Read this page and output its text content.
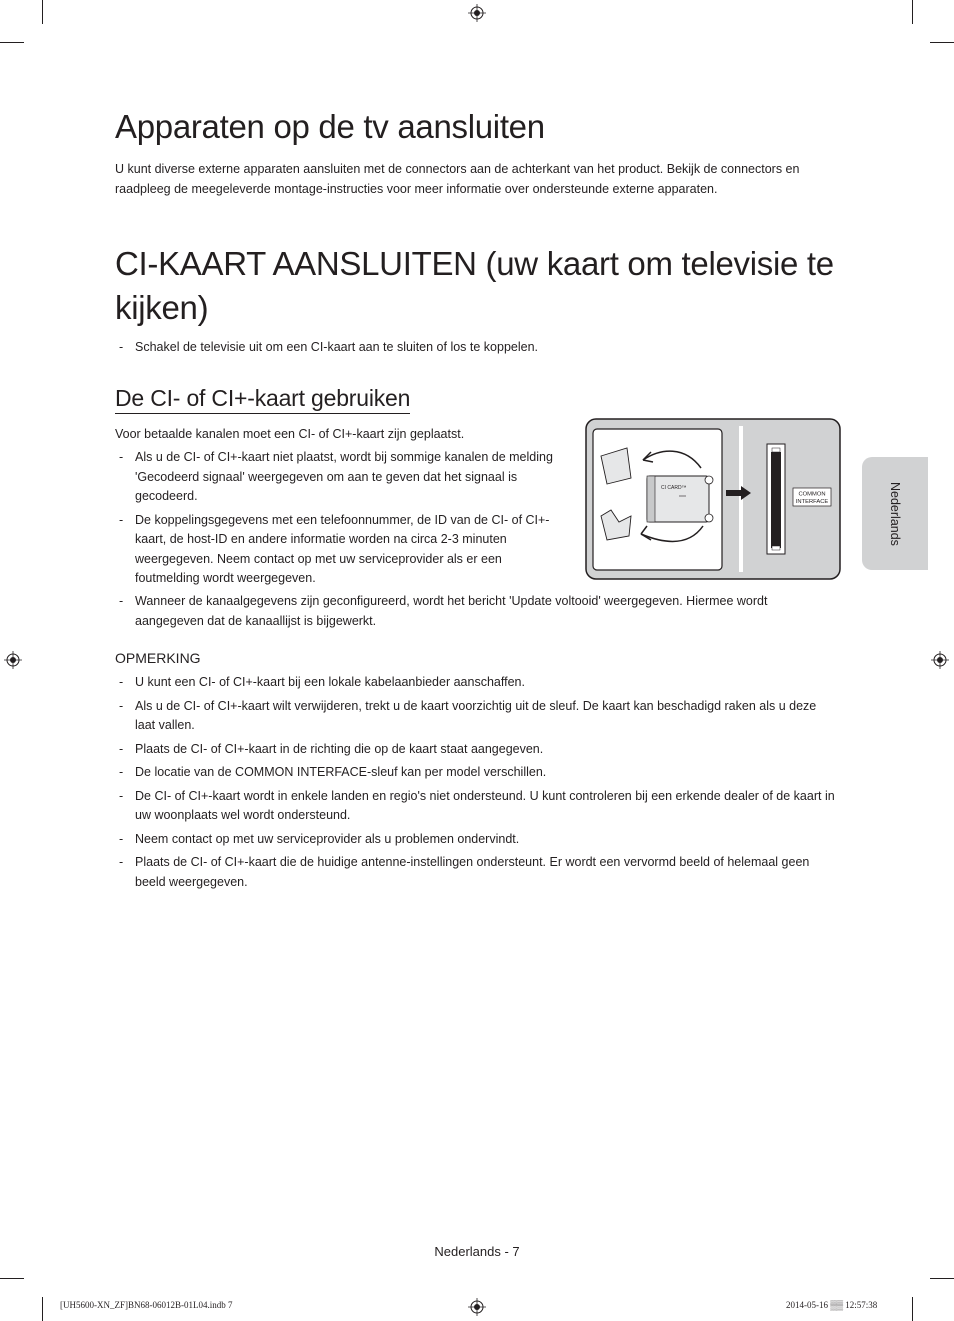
Apparaten op de tv aansluiten

U kunt diverse externe apparaten aansluiten met de connectors aan de achterkant van het product. Bekijk de connectors en raadpleeg de meegeleverde montage-instructies voor meer informatie over ondersteunde externe apparaten.

CI-KAART AANSLUITEN (uw kaart om televisie te kijken)
- Schakel de televisie uit om een CI-kaart aan te sluiten of los te koppelen.
De CI- of CI+-kaart gebruiken

Voor betaalde kanalen moet een CI- of CI+-kaart zijn geplaatst.

- Als u de CI- of CI+-kaart niet plaatst, wordt bij sommige kanalen de melding 'Gecodeerd signaal' weergegeven om aan te geven dat het signaal is gecodeerd.
- De koppelingsgegevens met een telefoonnummer, de ID van de CI- of CI+-kaart, de host-ID en andere informatie worden na circa 2-3 minuten weergegeven. Neem contact op met uw serviceprovider als er een foutmelding wordt weergegeven.
- Wanneer de kanaalgegevens zijn geconfigureerd, wordt het bericht 'Update voltooid' weergegeven. Hiermee wordt aangegeven dat de kanaallijst is bijgewerkt.
CI CARD™
COMMON
INTERFACE
OPMERKING
- U kunt een CI- of CI+-kaart bij een lokale kabelaanbieder aanschaffen.
- Als u de CI- of CI+-kaart wilt verwijderen, trekt u de kaart voorzichtig uit de sleuf. De kaart kan beschadigd raken als u deze laat vallen.
- Plaats de CI- of CI+-kaart in de richting die op de kaart staat aangegeven.
- De locatie van de COMMON INTERFACE-sleuf kan per model verschillen.
- De CI- of CI+-kaart wordt in enkele landen en regio's niet ondersteund. U kunt controleren bij een erkende dealer of de kaart in uw woonplaats wel wordt ondersteund.
- Neem contact op met uw serviceprovider als u problemen ondervindt.
- Plaats de CI- of CI+-kaart die de huidige antenne-instellingen ondersteunt. Er wordt een vervormd beeld of helemaal geen beeld weergegeven.
Nederlands
Nederlands - 7
[UH5600-XN_ZF]BN68-06012B-01L04.indb 7	2014-05-16 ▒▒ 12:57:38
